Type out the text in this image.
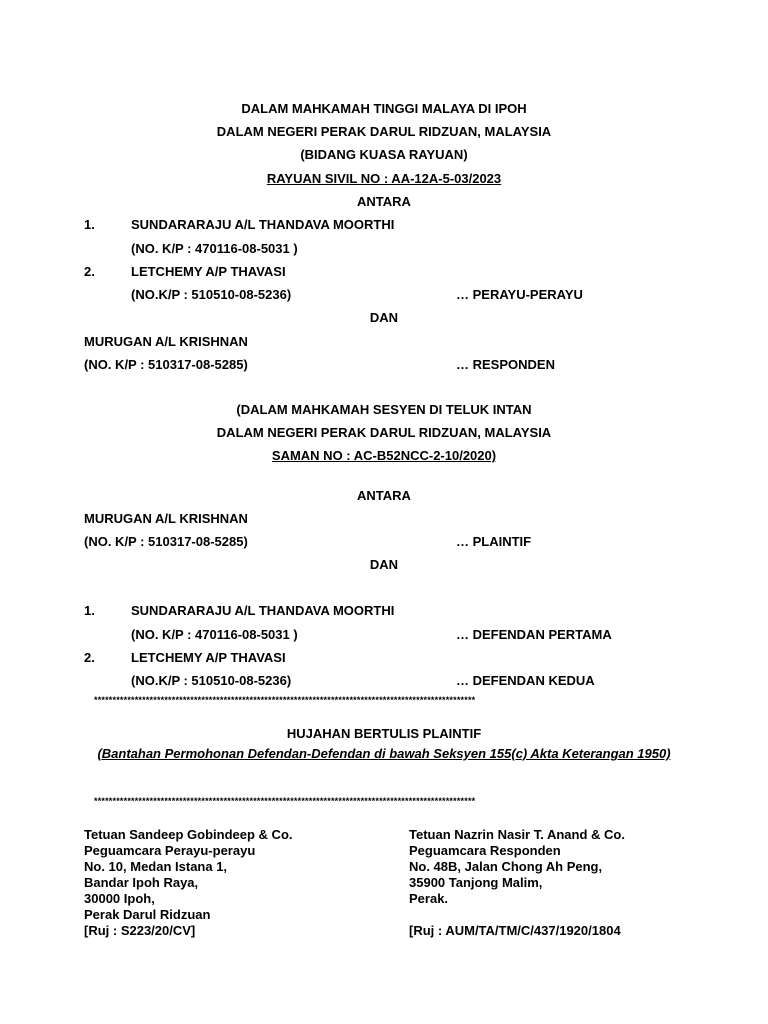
DALAM MAHKAMAH TINGGI MALAYA DI IPOH
DALAM NEGERI PERAK DARUL RIDZUAN, MALAYSIA
(BIDANG KUASA RAYUAN)
RAYUAN SIVIL NO : AA-12A-5-03/2023
ANTARA
1.	SUNDARARAJU A/L THANDAVA MOORTHI
(NO. K/P : 470116-08-5031 )
2.	LETCHEMY A/P THAVASI
(NO.K/P : 510510-08-5236)	… PERAYU-PERAYU
DAN
MURUGAN A/L KRISHNAN
(NO. K/P : 510317-08-5285)	… RESPONDEN
(DALAM MAHKAMAH SESYEN DI TELUK INTAN
DALAM NEGERI PERAK DARUL RIDZUAN, MALAYSIA
SAMAN NO : AC-B52NCC-2-10/2020)
ANTARA
MURUGAN A/L KRISHNAN
(NO. K/P : 510317-08-5285)	… PLAINTIF
DAN
1.	SUNDARARAJU A/L THANDAVA MOORTHI
(NO. K/P : 470116-08-5031 )	… DEFENDAN PERTAMA
2.	LETCHEMY A/P THAVASI
(NO.K/P : 510510-08-5236)	… DEFENDAN KEDUA
*******************************************************************************************************
HUJAHAN BERTULIS PLAINTIF
(Bantahan Permohonan Defendan-Defendan di bawah Seksyen 155(c) Akta Keterangan 1950)
*******************************************************************************************************
Tetuan Sandeep Gobindeep & Co.
Peguamcara Perayu-perayu
No. 10, Medan Istana 1,
Bandar Ipoh Raya,
30000 Ipoh,
Perak Darul Ridzuan
[Ruj : S223/20/CV]
Tetuan Nazrin Nasir T. Anand & Co.
Peguamcara Responden
No. 48B, Jalan Chong Ah Peng,
35900 Tanjong Malim,
Perak.
[Ruj : AUM/TA/TM/C/437/1920/1804
